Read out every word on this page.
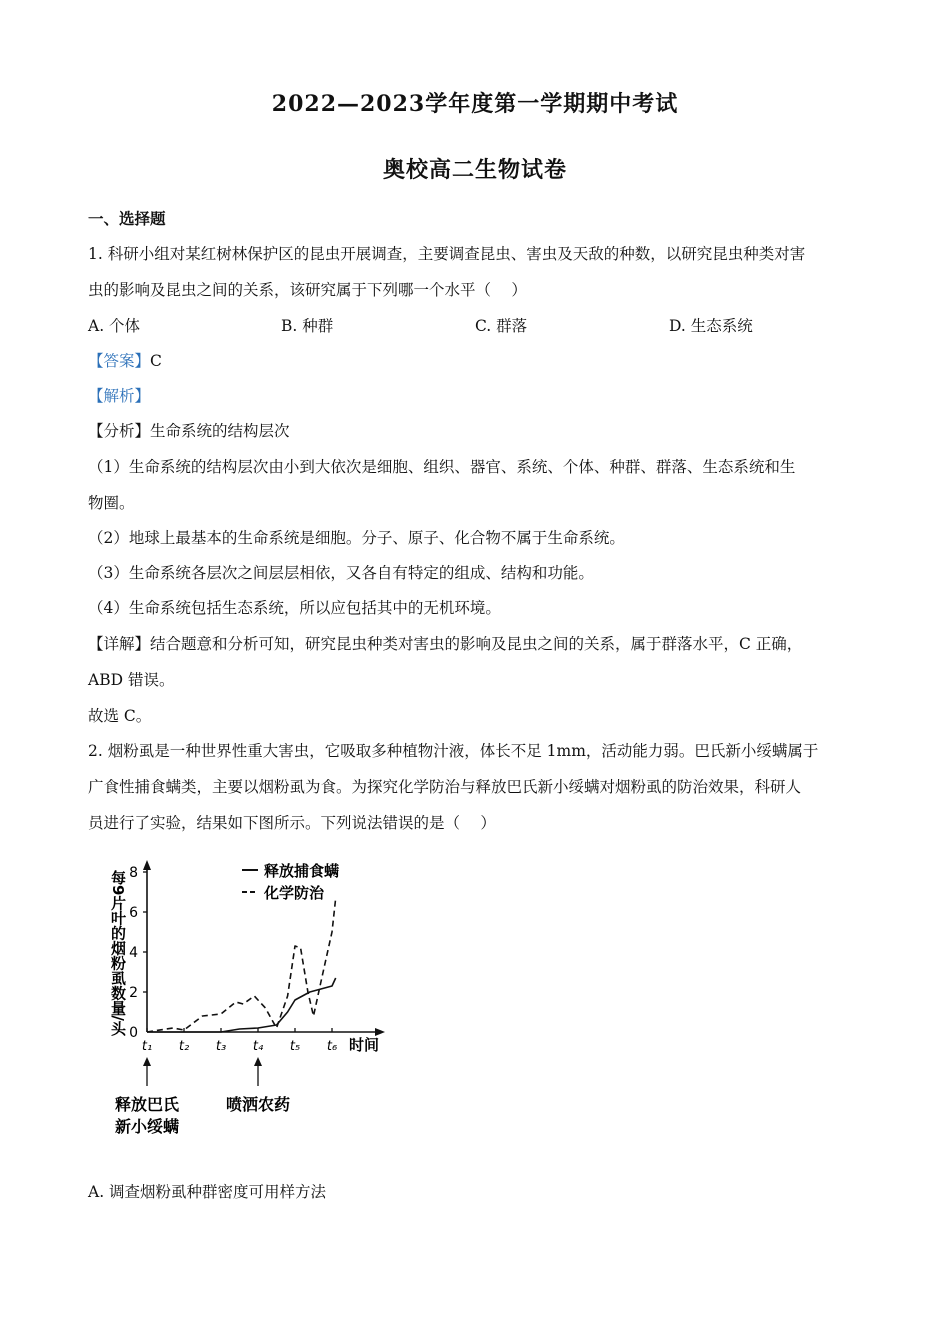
2022—2023学年度第一学期期中考试
奥校高二生物试卷
一、选择题
1. 科研小组对某红树林保护区的昆虫开展调查，主要调查昆虫、害虫及天敌的种数，以研究昆虫种类对害
虫的影响及昆虫之间的关系，该研究属于下列哪一个水平（　 ）
A. 个体	B. 种群	C. 群落	D. 生态系统
【答案】C
【解析】
【分析】生命系统的结构层次
（1）生命系统的结构层次由小到大依次是细胞、组织、器官、系统、个体、种群、群落、生态系统和生
物圈。
（2）地球上最基本的生命系统是细胞。分子、原子、化合物不属于生命系统。
（3）生命系统各层次之间层层相依，又各自有特定的组成、结构和功能。
（4）生命系统包括生态系统，所以应包括其中的无机环境。
【详解】结合题意和分析可知，研究昆虫种类对害虫的影响及昆虫之间的关系，属于群落水平，C 正确，
ABD 错误。
故选 C。
2. 烟粉虱是一种世界性重大害虫，它吸取多种植物汁液，体长不足 1mm，活动能力弱。巴氏新小绥螨属于
广食性捕食螨类，主要以烟粉虱为食。为探究化学防治与释放巴氏新小绥螨对烟粉虱的防治效果，科研人
员进行了实验，结果如下图所示。下列说法错误的是（　 ）
0
2
4
6
8
t₁ t₂ t₃ t₄ t₅ t₆ 时间
每9片叶的烟粉虱数量/头	释放捕食螨
化学防治
释放巴氏
新小绥螨
喷洒农药
A. 调查烟粉虱种群密度可用样方法
